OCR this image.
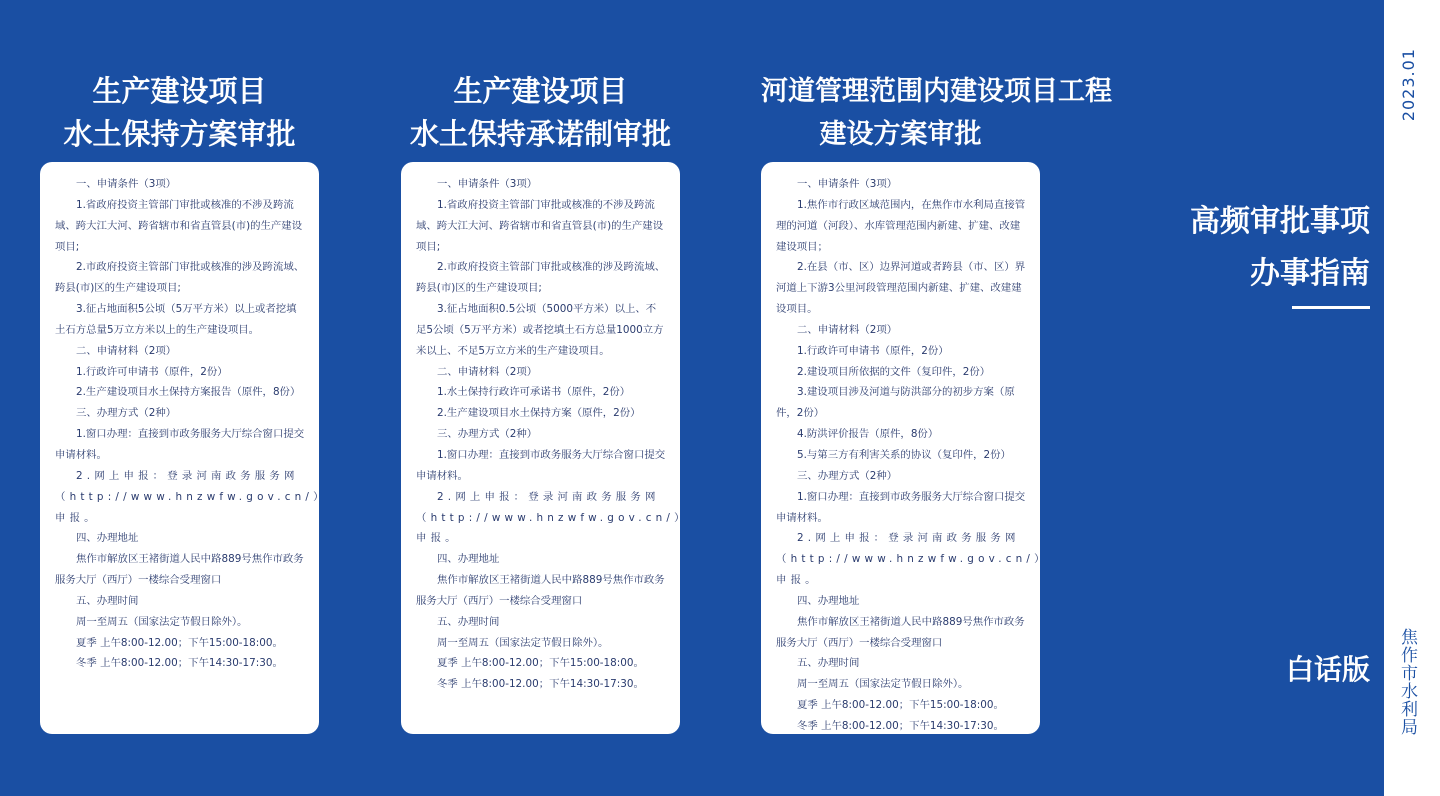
生产建设项目
水土保持方案审批

一、申请条件（3项）

1.省政府投资主管部门审批或核准的不涉及跨流域、跨大江大河、跨省辖市和省直管县(市)的生产建设项目;

2.市政府投资主管部门审批或核准的涉及跨流域、跨县(市)区的生产建设项目;

3.征占地面积5公顷（5万平方米）以上或者挖填土石方总量5万立方米以上的生产建设项目。

二、申请材料（2项）

1.行政许可申请书（原件，2份）

2.生产建设项目水土保持方案报告（原件，8份）

三、办理方式（2种）

1.窗口办理：直接到市政务服务大厅综合窗口提交申请材料。

2.网上申报：登录河南政务服务网（http://www.hnzwfw.gov.cn/）申报。

四、办理地址

焦作市解放区王褚街道人民中路889号焦作市政务服务大厅（西厅）一楼综合受理窗口

五、办理时间

周一至周五（国家法定节假日除外）。

夏季 上午8:00-12.00；下午15:00-18:00。

冬季 上午8:00-12.00；下午14:30-17:30。

生产建设项目
水土保持承诺制审批

一、申请条件（3项）

1.省政府投资主管部门审批或核准的不涉及跨流域、跨大江大河、跨省辖市和省直管县(市)的生产建设项目;

2.市政府投资主管部门审批或核准的涉及跨流域、跨县(市)区的生产建设项目;

3.征占地面积0.5公顷（5000平方米）以上、不足5公顷（5万平方米）或者挖填土石方总量1000立方米以上、不足5万立方米的生产建设项目。

二、申请材料（2项）

1.水土保持行政许可承诺书（原件，2份）

2.生产建设项目水土保持方案（原件，2份）

三、办理方式（2种）

1.窗口办理：直接到市政务服务大厅综合窗口提交申请材料。

2.网上申报：登录河南政务服务网（http://www.hnzwfw.gov.cn/）申报。

四、办理地址

焦作市解放区王褚街道人民中路889号焦作市政务服务大厅（西厅）一楼综合受理窗口

五、办理时间

周一至周五（国家法定节假日除外）。

夏季 上午8:00-12.00；下午15:00-18:00。

冬季 上午8:00-12.00；下午14:30-17:30。

河道管理范围内建设项目工程
建设方案审批

一、申请条件（3项）

1.焦作市行政区域范围内，在焦作市水利局直接管理的河道（河段）、水库管理范围内新建、扩建、改建建设项目；

2.在县（市、区）边界河道或者跨县（市、区）界河道上下游3公里河段管理范围内新建、扩建、改建建设项目。

二、申请材料（2项）

1.行政许可申请书（原件，2份）

2.建设项目所依据的文件（复印件，2份）

3.建设项目涉及河道与防洪部分的初步方案（原件，2份）

4.防洪评价报告（原件，8份）

5.与第三方有利害关系的协议（复印件，2份）

三、办理方式（2种）

1.窗口办理：直接到市政务服务大厅综合窗口提交申请材料。

2.网上申报：登录河南政务服务网（http://www.hnzwfw.gov.cn/）申报。

四、办理地址

焦作市解放区王褚街道人民中路889号焦作市政务服务大厅（西厅）一楼综合受理窗口

五、办理时间

周一至周五（国家法定节假日除外）。

夏季 上午8:00-12.00；下午15:00-18:00。

冬季 上午8:00-12.00；下午14:30-17:30。

高频审批事项
办事指南
白话版
2023.01
焦作市水利局
